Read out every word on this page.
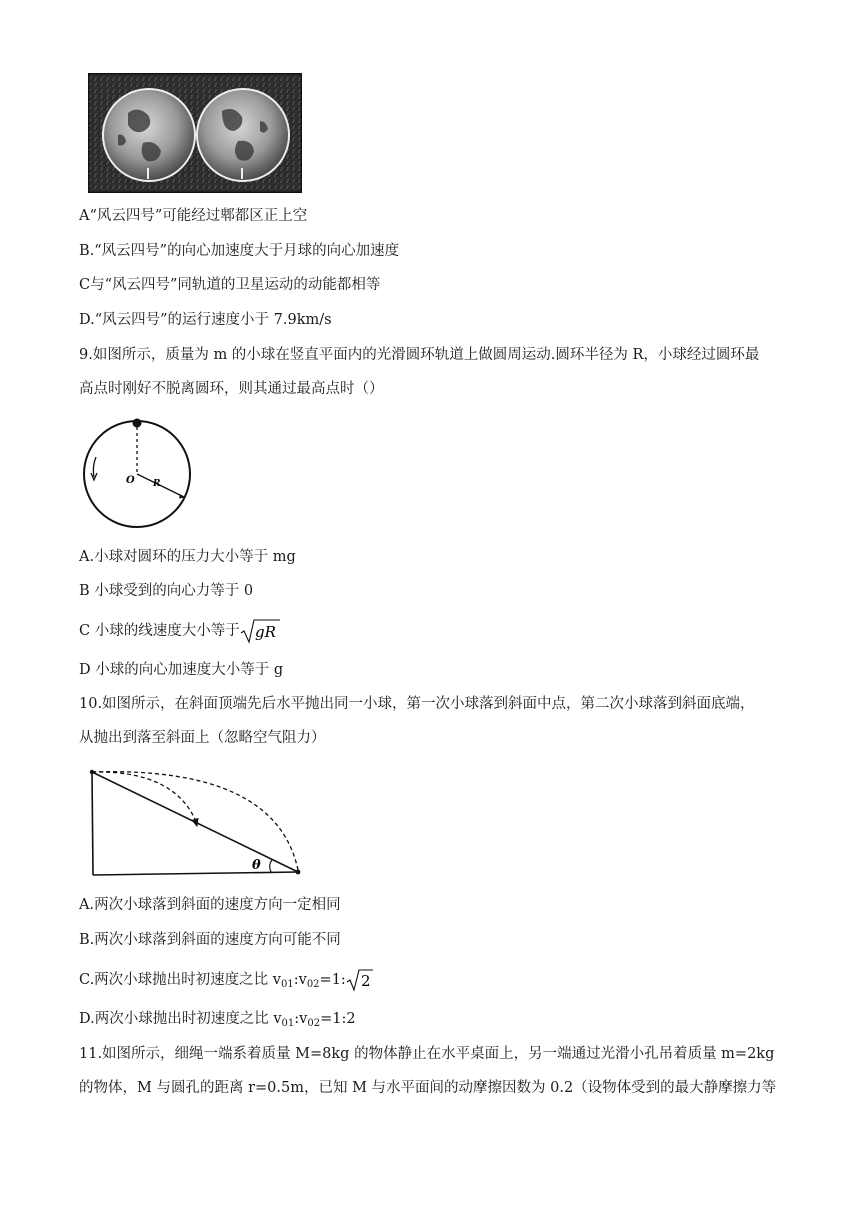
A“风云四号”可能经过郫都区正上空
B.“风云四号”的向心加速度大于月球的向心加速度
C与“风云四号”同轨道的卫星运动的动能都相等
D.“风云四号”的运行速度小于 7.9km/s
9.如图所示，质量为 m 的小球在竖直平面内的光滑圆环轨道上做圆周运动.圆环半径为 R，小球经过圆环最
高点时刚好不脱离圆环，则其通过最高点时（）
O R
A.小球对圆环的压力大小等于 mg
B 小球受到的向心力等于 0
C 小球的线速度大小等于 gR
D 小球的向心加速度大小等于 g
10.如图所示，在斜面顶端先后水平抛出同一小球，第一次小球落到斜面中点，第二次小球落到斜面底端，
从抛出到落至斜面上（忽略空气阻力）
θ
A.两次小球落到斜面的速度方向一定相同
B.两次小球落到斜面的速度方向可能不同
C.两次小球抛出时初速度之比 $v_{01}:v_{02}=1$: 2
D.两次小球抛出时初速度之比 $v_{01}:v_{02}=1:2$
11.如图所示，细绳一端系着质量 M=8kg 的物体静止在水平桌面上，另一端通过光滑小孔吊着质量 m=2kg
的物体，M 与圆孔的距离 r=0.5m，已知 M 与水平面间的动摩擦因数为 0.2（设物体受到的最大静摩擦力等
